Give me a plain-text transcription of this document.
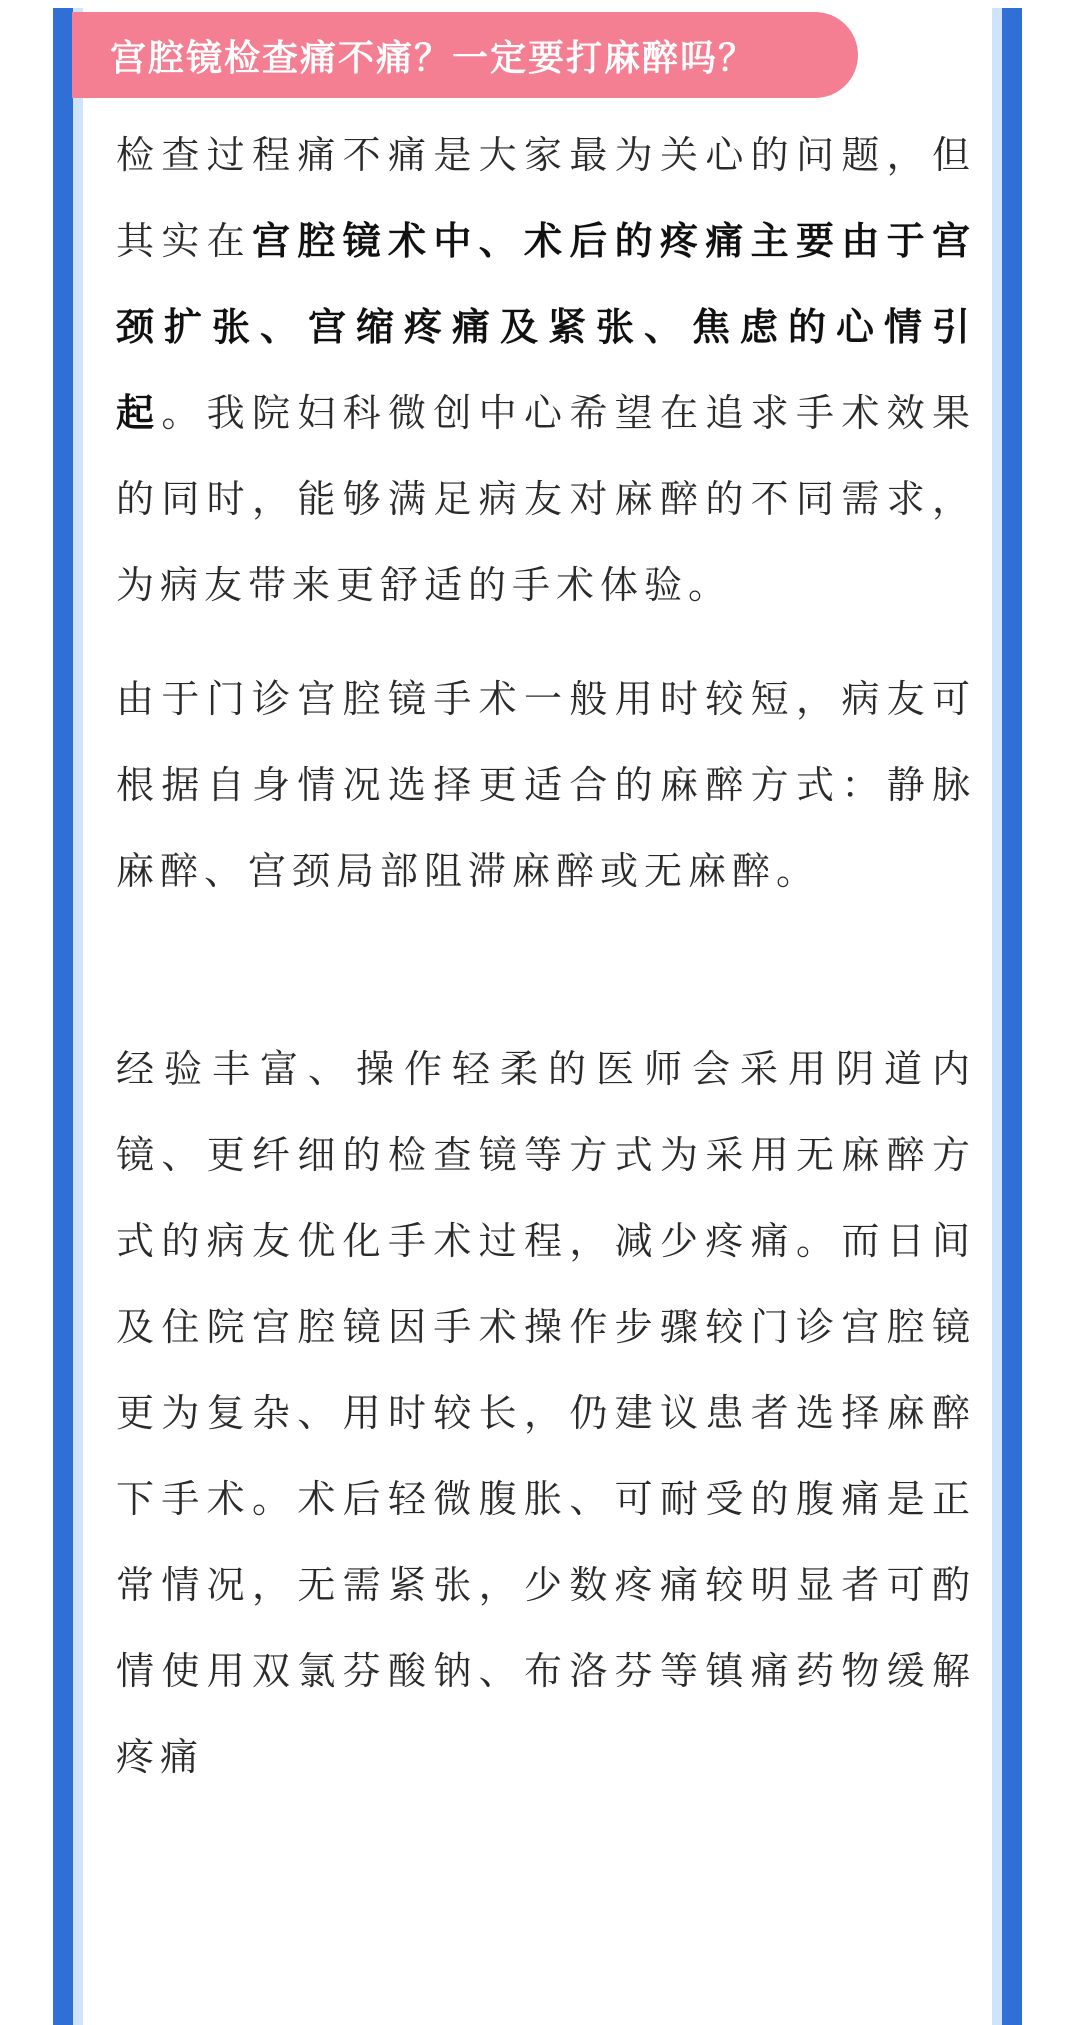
宫腔镜检查痛不痛？一定要打麻醉吗？

检查过程痛不痛是大家最为关心的问题，但其实在宫腔镜术中、术后的疼痛主要由于宫颈扩张、宫缩疼痛及紧张、焦虑的心情引起。我院妇科微创中心希望在追求手术效果的同时，能够满足病友对麻醉的不同需求，为病友带来更舒适的手术体验。

由于门诊宫腔镜手术一般用时较短，病友可根据自身情况选择更适合的麻醉方式：静脉麻醉、宫颈局部阻滞麻醉或无麻醉。

经验丰富、操作轻柔的医师会采用阴道内镜、更纤细的检查镜等方式为采用无麻醉方式的病友优化手术过程，减少疼痛。而日间及住院宫腔镜因手术操作步骤较门诊宫腔镜更为复杂、用时较长，仍建议患者选择麻醉下手术。术后轻微腹胀、可耐受的腹痛是正常情况，无需紧张，少数疼痛较明显者可酌情使用双氯芬酸钠、布洛芬等镇痛药物缓解疼痛
